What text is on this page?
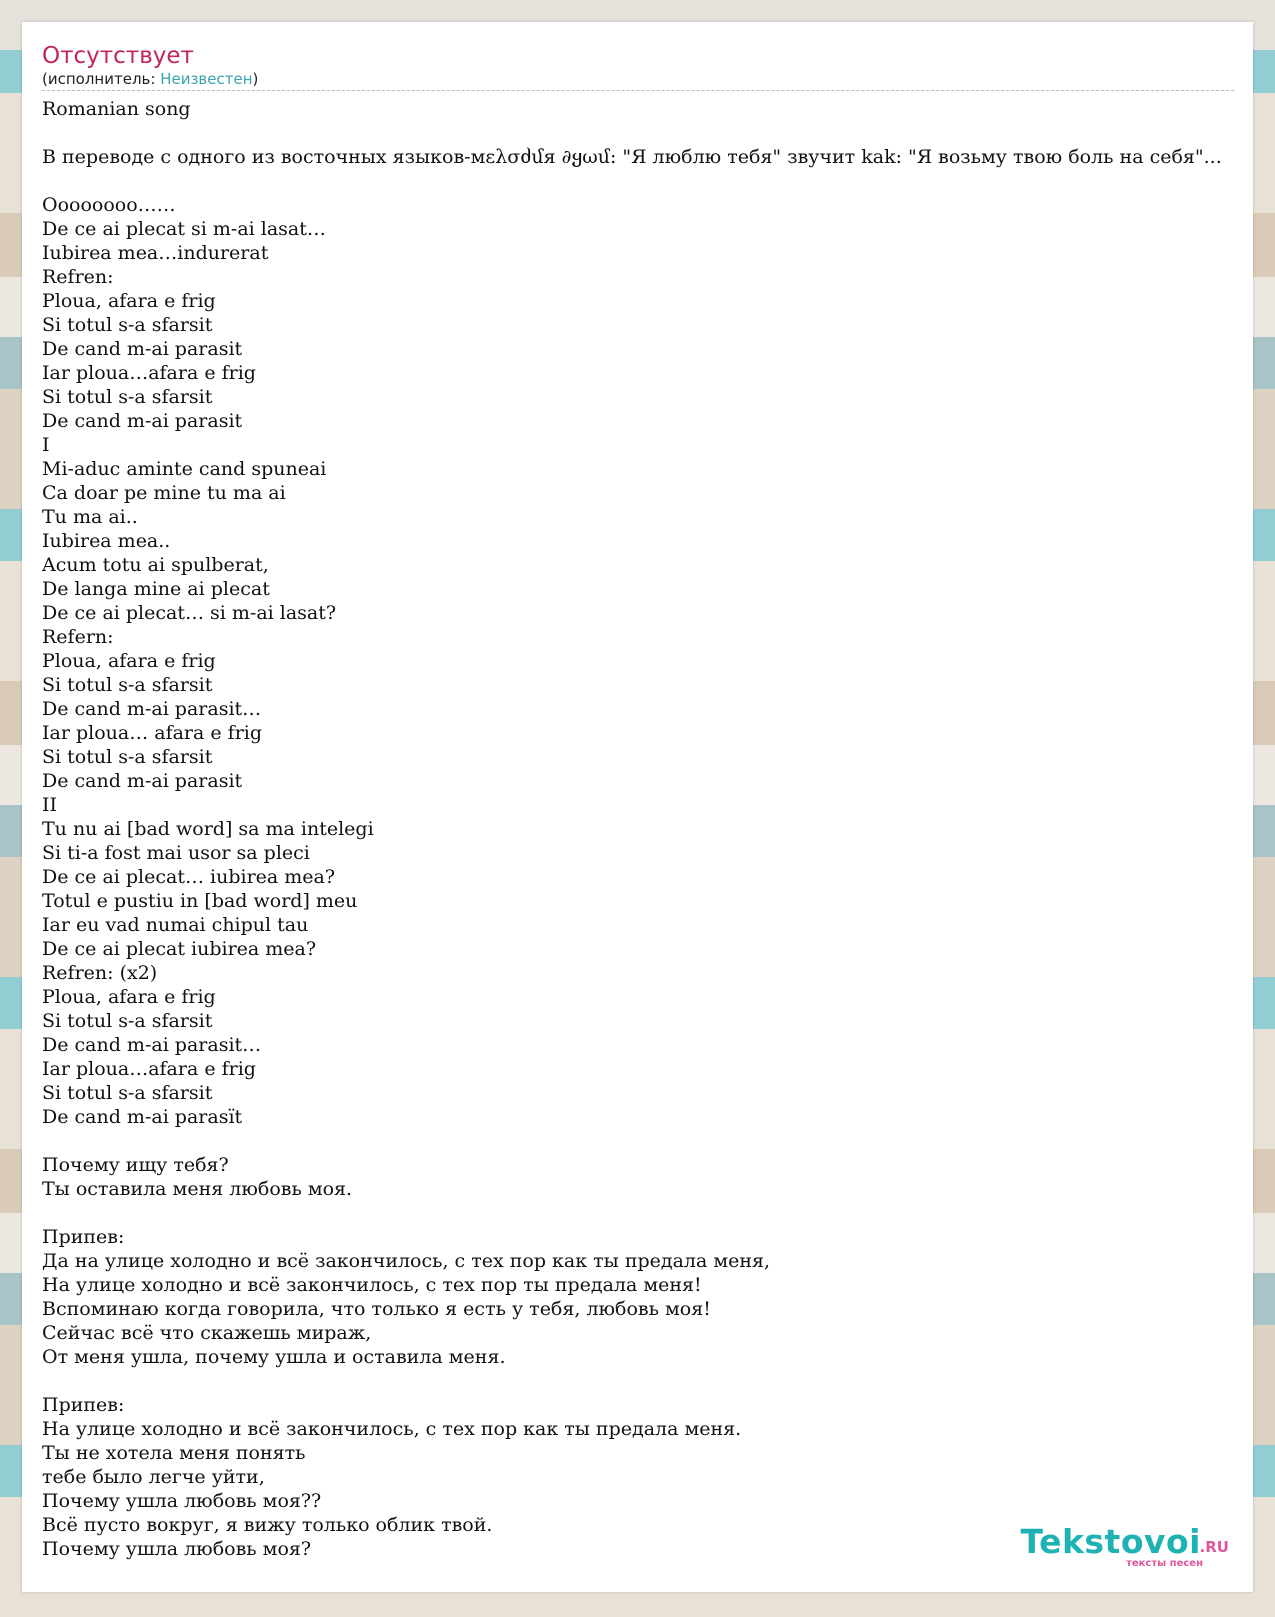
Отсутствует
(исполнитель: Неизвестен)
Romanian song

В переводе с одного из восточных языков-мελσძմя ∂ყωմ: "Я люблю тебя" звучит kak: "Я возьму твою боль на себя"...

Oooooooo……
De ce ai plecat si m-ai lasat…
Iubirea mea…indurerat
Refren:
Ploua, afara e frig
Si totul s-a sfarsit
De cand m-ai parasit
Iar ploua…afara e frig
Si totul s-a sfarsit
De cand m-ai parasit
I
Mi-aduc aminte cand spuneai
Ca doar pe mine tu ma ai
Tu ma ai..
Iubirea mea..
Acum totu ai spulberat,
De langa mine ai plecat
De ce ai plecat… si m-ai lasat?
Refern:
Ploua, afara e frig
Si totul s-a sfarsit
De cand m-ai parasit…
Iar ploua… afara e frig
Si totul s-a sfarsit
De cand m-ai parasit
II
Tu nu ai [bad word] sa ma intelegi
Si ti-a fost mai usor sa pleci
De ce ai plecat… iubirea mea?
Totul e pustiu in [bad word] meu
Iar eu vad numai chipul tau
De ce ai plecat iubirea mea?
Refren: (x2)
Ploua, afara e frig
Si totul s-a sfarsit
De cand m-ai parasit…
Iar ploua…afara e frig
Si totul s-a sfarsit
De cand m-ai parasït

Почему ищу тебя?
Ты оставила меня любовь моя.

Припев:
Да на улице холодно и всё закончилось, с тех пор как ты предала меня,
На улице холодно и всё закончилось, с тех пор ты предала меня!
Вспоминаю когда говорила, что только я есть у тебя, любовь моя!
Сейчас всё что скажешь мираж,
От меня ушла, почему ушла и оставила меня.

Припев:
На улице холодно и всё закончилось, с тех пор как ты предала меня.
Ты не хотела меня понять
тебе было легче уйти,
Почему ушла любовь моя??
Всё пусто вокруг, я вижу только облик твой.
Почему ушла любовь моя?	Tekstovoi
.RU
тексты песен
